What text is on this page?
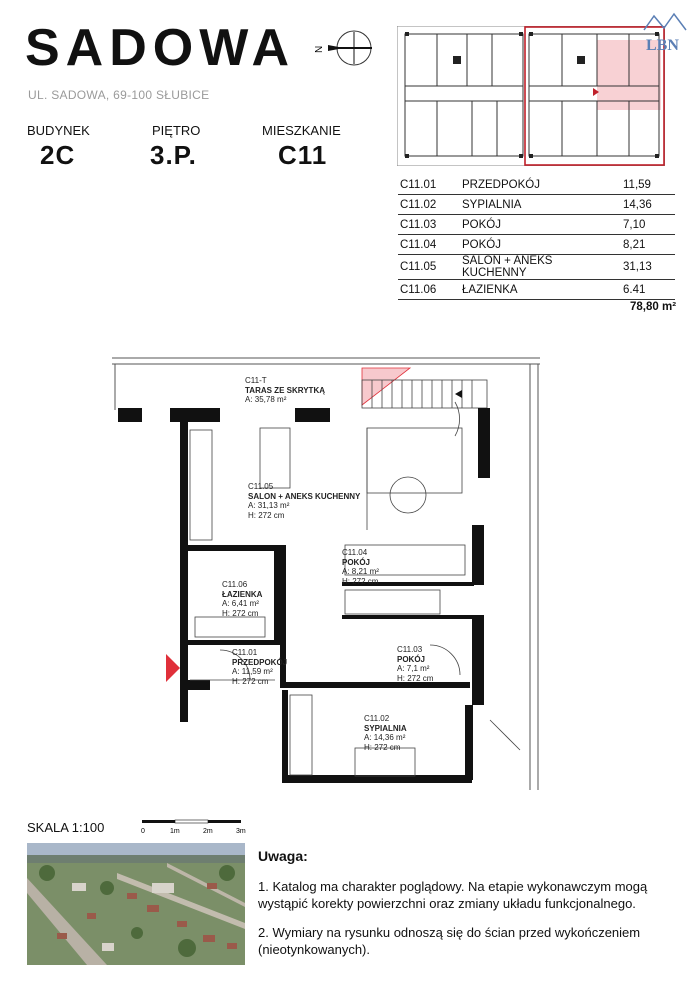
SADOWA
UL. SADOWA, 69-100 SŁUBICE
N
BUDYNEK
2C
PIĘTRO
3.P.
MIESZKANIE
C11
LBN
C11.01	PRZEDPOKÓJ	11,59
C11.02	SYPIALNIA	14,36
C11.03	POKÓJ	7,10
C11.04	POKÓJ	8,21
C11.05	SALON + ANEKS KUCHENNY	31,13
C11.06	ŁAZIENKA	6.41
78,80 m²
C11-T
TARAS ZE SKRYTKĄ
A: 35,78 m²
C11.05
SALON + ANEKS KUCHENNY
A: 31,13 m²
H: 272 cm
C11.04
POKÓJ
A: 8,21 m²
H: 272 cm
C11.06
ŁAZIENKA
A: 6,41 m²
H: 272 cm
C11.01
PRZEDPOKÓJ
A: 11,59 m²
H: 272 cm
C11.03
POKÓJ
A: 7,1 m²
H: 272 cm
C11.02
SYPIALNIA
A: 14,36 m²
H: 272 cm
SKALA 1:100	0	1m	2m	3m
Uwaga:
1. Katalog ma charakter poglądowy. Na etapie wykonawczym mogą wystąpić korekty powierzchni oraz zmiany układu funkcjonalnego.
2. Wymiary na rysunku odnoszą się do ścian przed wykończeniem (nieotynkowanych).
